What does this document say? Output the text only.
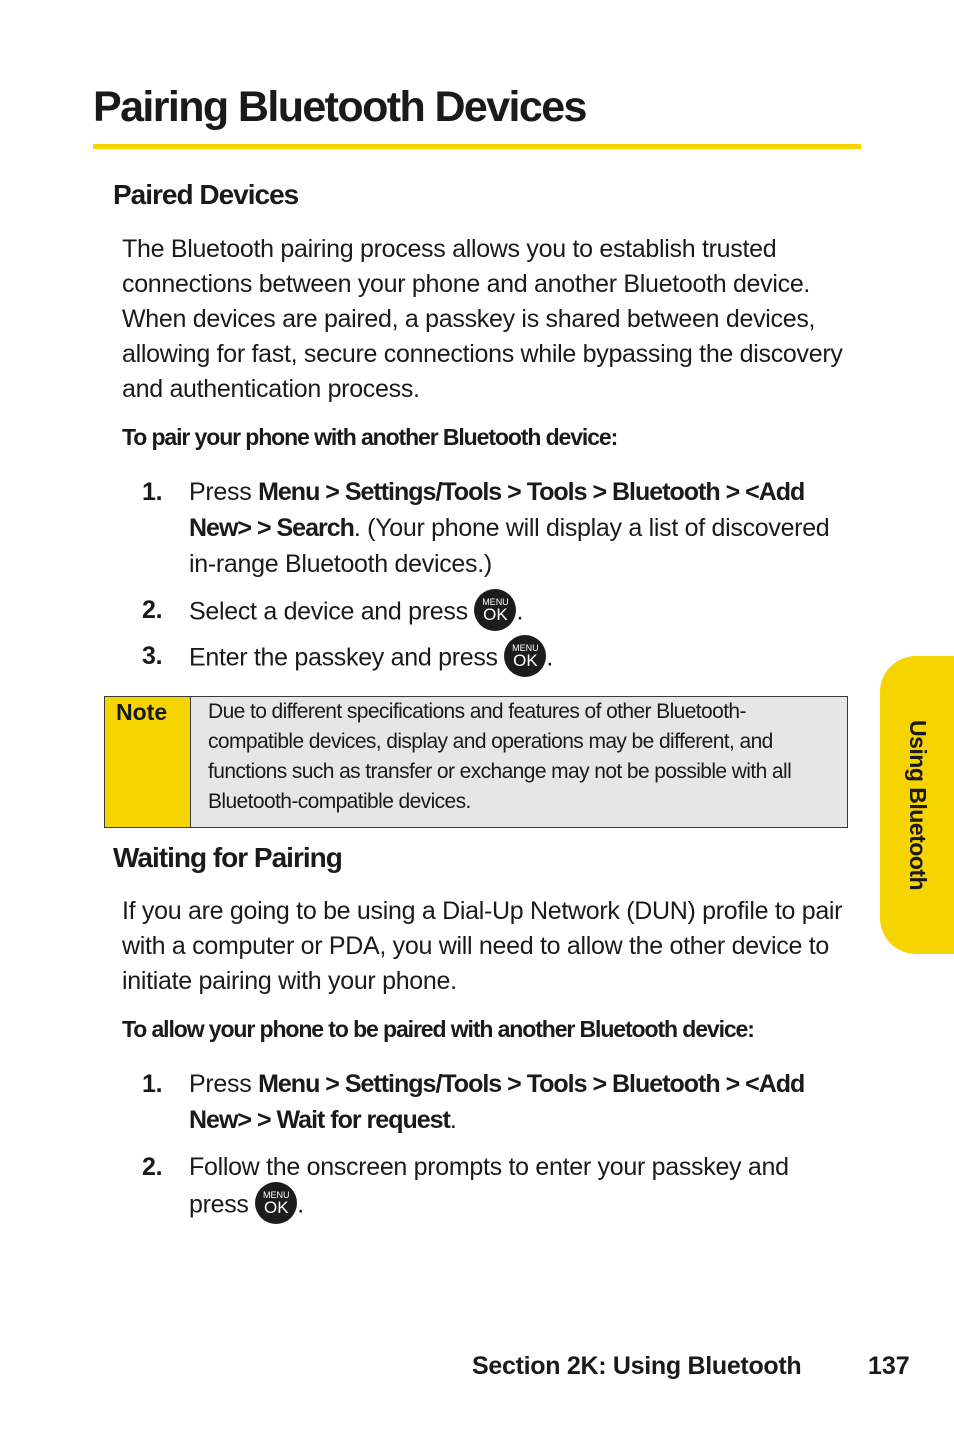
Pairing Bluetooth Devices
Paired Devices

The Bluetooth pairing process allows you to establish trusted connections between your phone and another Bluetooth device. When devices are paired, a passkey is shared between devices, allowing for fast, secure connections while bypassing the discovery and authentication process.

To pair your phone with another Bluetooth device:

1. Press Menu > Settings/Tools > Tools > Bluetooth > <Add New> > Search. (Your phone will display a list of discovered in-range Bluetooth devices.)
2. Select a device and press MENU
OK .
3. Enter the passkey and press MENU
OK .
Note Due to different specifications and features of other Bluetooth-compatible devices, display and operations may be different, and functions such as transfer or exchange may not be possible with all Bluetooth-compatible devices.
Waiting for Pairing

If you are going to be using a Dial-Up Network (DUN) profile to pair with a computer or PDA, you will need to allow the other device to initiate pairing with your phone.

To allow your phone to be paired with another Bluetooth device:

1. Press Menu > Settings/Tools > Tools > Bluetooth > <Add New> > Wait for request.
2. Follow the onscreen prompts to enter your passkey and press MENU
OK .
Using Bluetooth
Section 2K: Using Bluetooth	137
